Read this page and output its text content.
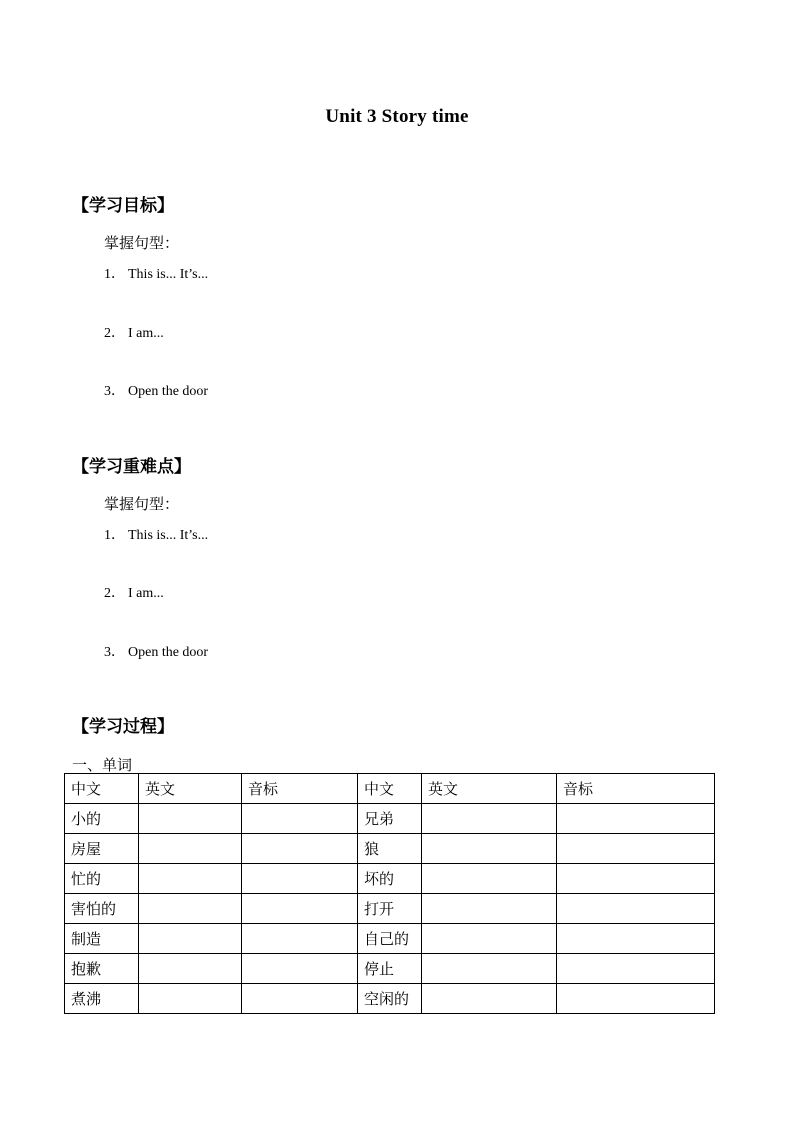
Unit 3 Story time
【学习目标】
掌握句型：
1． This is... It’s...
2． I am...
3． Open the door
【学习重难点】
掌握句型：
1． This is... It’s...
2． I am...
3． Open the door
【学习过程】
一、单词
中文	英文	音标	中文	英文	音标
小的			兄弟		
房屋			狼		
忙的			坏的		
害怕的			打开		
制造			自己的		
抱歉			停止		
煮沸			空闲的		
